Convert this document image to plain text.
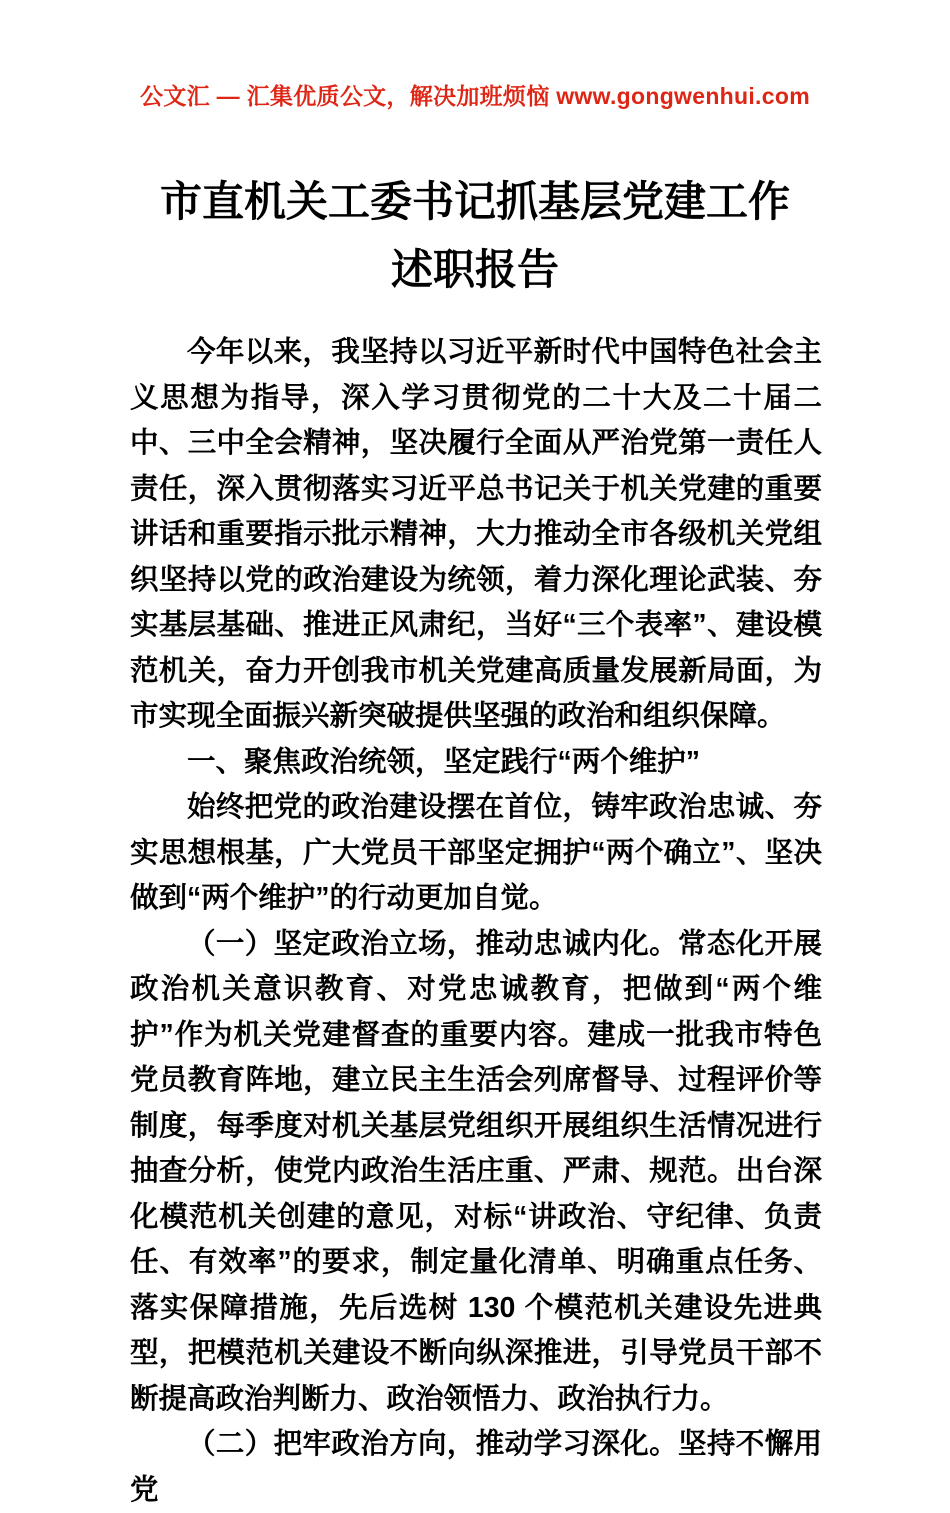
公文汇 — 汇集优质公文，解决加班烦恼 www.gongwenhui.com
市直机关工委书记抓基层党建工作述职报告

今年以来，我坚持以习近平新时代中国特色社会主义思想为指导，深入学习贯彻党的二十大及二十届二中、三中全会精神，坚决履行全面从严治党第一责任人责任，深入贯彻落实习近平总书记关于机关党建的重要讲话和重要指示批示精神，大力推动全市各级机关党组织坚持以党的政治建设为统领，着力深化理论武装、夯实基层基础、推进正风肃纪，当好“三个表率”、建设模范机关，奋力开创我市机关党建高质量发展新局面，为市实现全面振兴新突破提供坚强的政治和组织保障。

一、聚焦政治统领，坚定践行“两个维护”

始终把党的政治建设摆在首位，铸牢政治忠诚、夯实思想根基，广大党员干部坚定拥护“两个确立”、坚决做到“两个维护”的行动更加自觉。

（一）坚定政治立场，推动忠诚内化。常态化开展政治机关意识教育、对党忠诚教育，把做到“两个维护”作为机关党建督查的重要内容。建成一批我市特色党员教育阵地，建立民主生活会列席督导、过程评价等制度，每季度对机关基层党组织开展组织生活情况进行抽查分析，使党内政治生活庄重、严肃、规范。出台深化模范机关创建的意见，对标“讲政治、守纪律、负责任、有效率”的要求，制定量化清单、明确重点任务、落实保障措施，先后选树 130 个模范机关建设先进典型，把模范机关建设不断向纵深推进，引导党员干部不断提高政治判断力、政治领悟力、政治执行力。

（二）把牢政治方向，推动学习深化。坚持不懈用党
